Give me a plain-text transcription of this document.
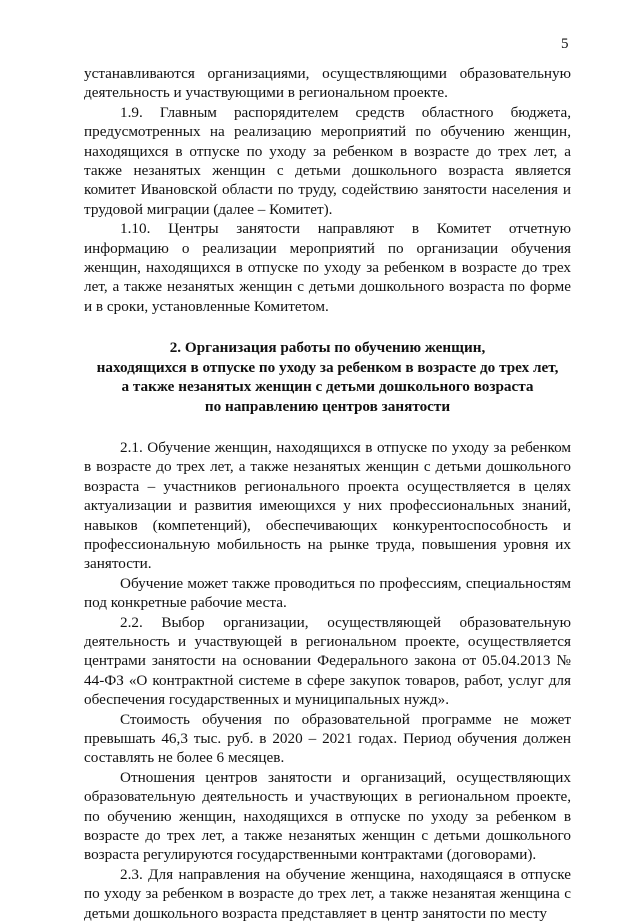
5

устанавливаются организациями, осуществляющими образовательную деятельность и участвующими в региональном проекте.

1.9. Главным распорядителем средств областного бюджета, предусмотренных на реализацию мероприятий по обучению женщин, находящихся в отпуске по уходу за ребенком в возрасте до трех лет, а также незанятых женщин с детьми дошкольного возраста является комитет Ивановской области по труду, содействию занятости населения и трудовой миграции (далее – Комитет).

1.10. Центры занятости направляют в Комитет отчетную информацию о реализации мероприятий по организации обучения женщин, находящихся в отпуске по уходу за ребенком в возрасте до трех лет, а также незанятых женщин с детьми дошкольного возраста по форме и в сроки, установленные Комитетом.

2. Организация работы по обучению женщин,
находящихся в отпуске по уходу за ребенком в возрасте до трех лет,
а также незанятых женщин с детьми дошкольного возраста
по направлению центров занятости

2.1. Обучение женщин, находящихся в отпуске по уходу за ребенком в возрасте до трех лет, а также незанятых женщин с детьми дошкольного возраста – участников регионального проекта осуществляется в целях актуализации и развития имеющихся у них профессиональных знаний, навыков (компетенций), обеспечивающих конкурентоспособность и профессиональную мобильность на рынке труда, повышения уровня их занятости.

Обучение может также проводиться по профессиям, специальностям под конкретные рабочие места.

2.2. Выбор организации, осуществляющей образовательную деятельность и участвующей в региональном проекте, осуществляется центрами занятости на основании Федерального закона от 05.04.2013 № 44-ФЗ «О контрактной системе в сфере закупок товаров, работ, услуг для обеспечения государственных и муниципальных нужд».

Стоимость обучения по образовательной программе не может превышать 46,3 тыс. руб. в 2020 – 2021 годах. Период обучения должен составлять не более 6 месяцев.

Отношения центров занятости и организаций, осуществляющих образовательную деятельность и участвующих в региональном проекте, по обучению женщин, находящихся в отпуске по уходу за ребенком в возрасте до трех лет, а также незанятых женщин с детьми дошкольного возраста регулируются государственными контрактами (договорами).

2.3. Для направления на обучение женщина, находящаяся в отпуске по уходу за ребенком в возрасте до трех лет, а также незанятая женщина с детьми дошкольного возраста представляет в центр занятости по месту
